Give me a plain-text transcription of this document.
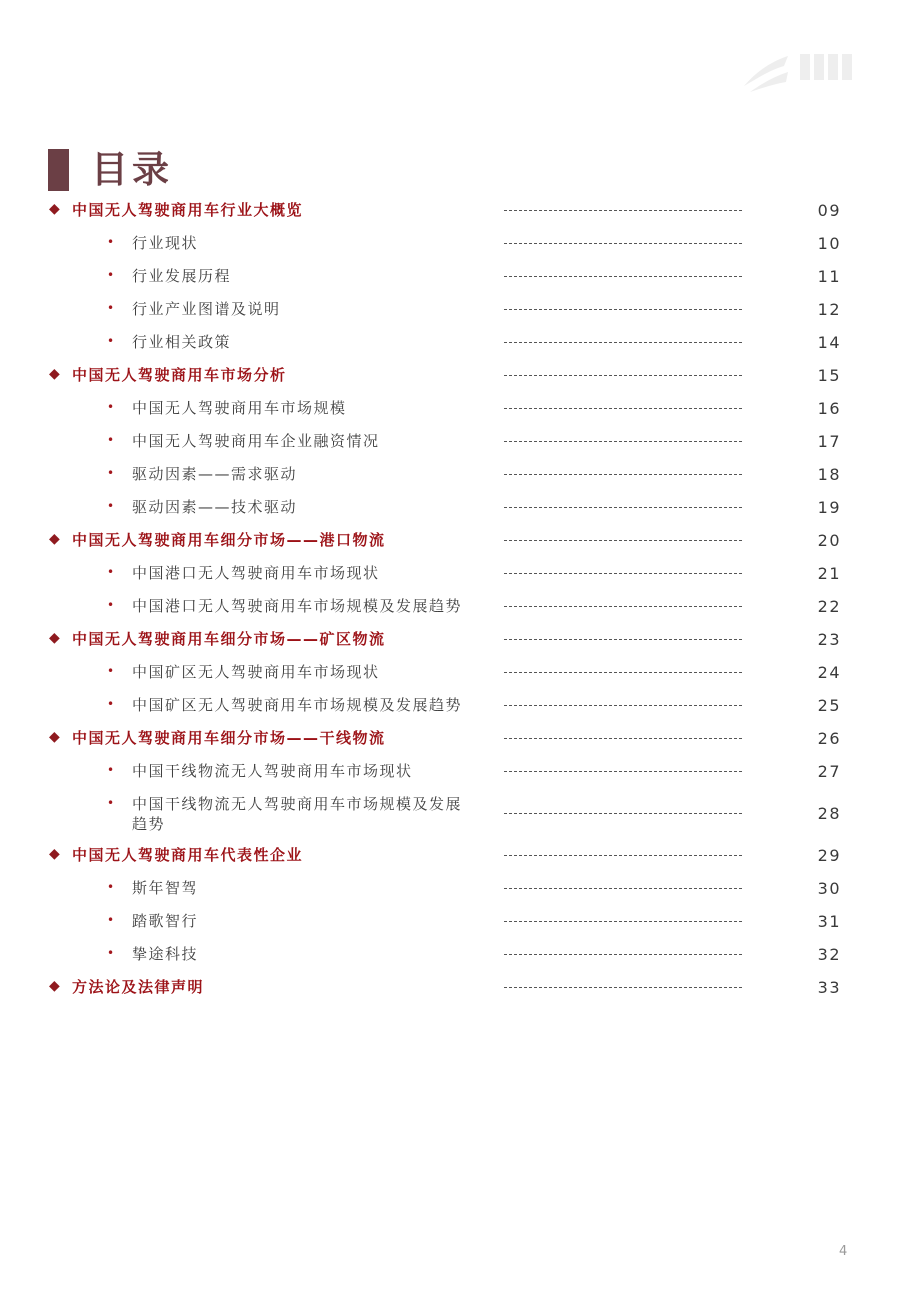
目录
◆ 中国无人驾驶商用车行业大概览	09
• 行业现状	10
• 行业发展历程	11
• 行业产业图谱及说明	12
• 行业相关政策	14
◆ 中国无人驾驶商用车市场分析	15
• 中国无人驾驶商用车市场规模	16
• 中国无人驾驶商用车企业融资情况	17
• 驱动因素——需求驱动	18
• 驱动因素——技术驱动	19
◆ 中国无人驾驶商用车细分市场——港口物流	20
• 中国港口无人驾驶商用车市场现状	21
• 中国港口无人驾驶商用车市场规模及发展趋势	22
◆ 中国无人驾驶商用车细分市场——矿区物流	23
• 中国矿区无人驾驶商用车市场现状	24
• 中国矿区无人驾驶商用车市场规模及发展趋势	25
◆ 中国无人驾驶商用车细分市场——干线物流	26
• 中国干线物流无人驾驶商用车市场现状	27
• 中国干线物流无人驾驶商用车市场规模及发展趋势
28
◆ 中国无人驾驶商用车代表性企业	29
• 斯年智驾	30
• 踏歌智行	31
• 挚途科技	32
◆ 方法论及法律声明	33
4
